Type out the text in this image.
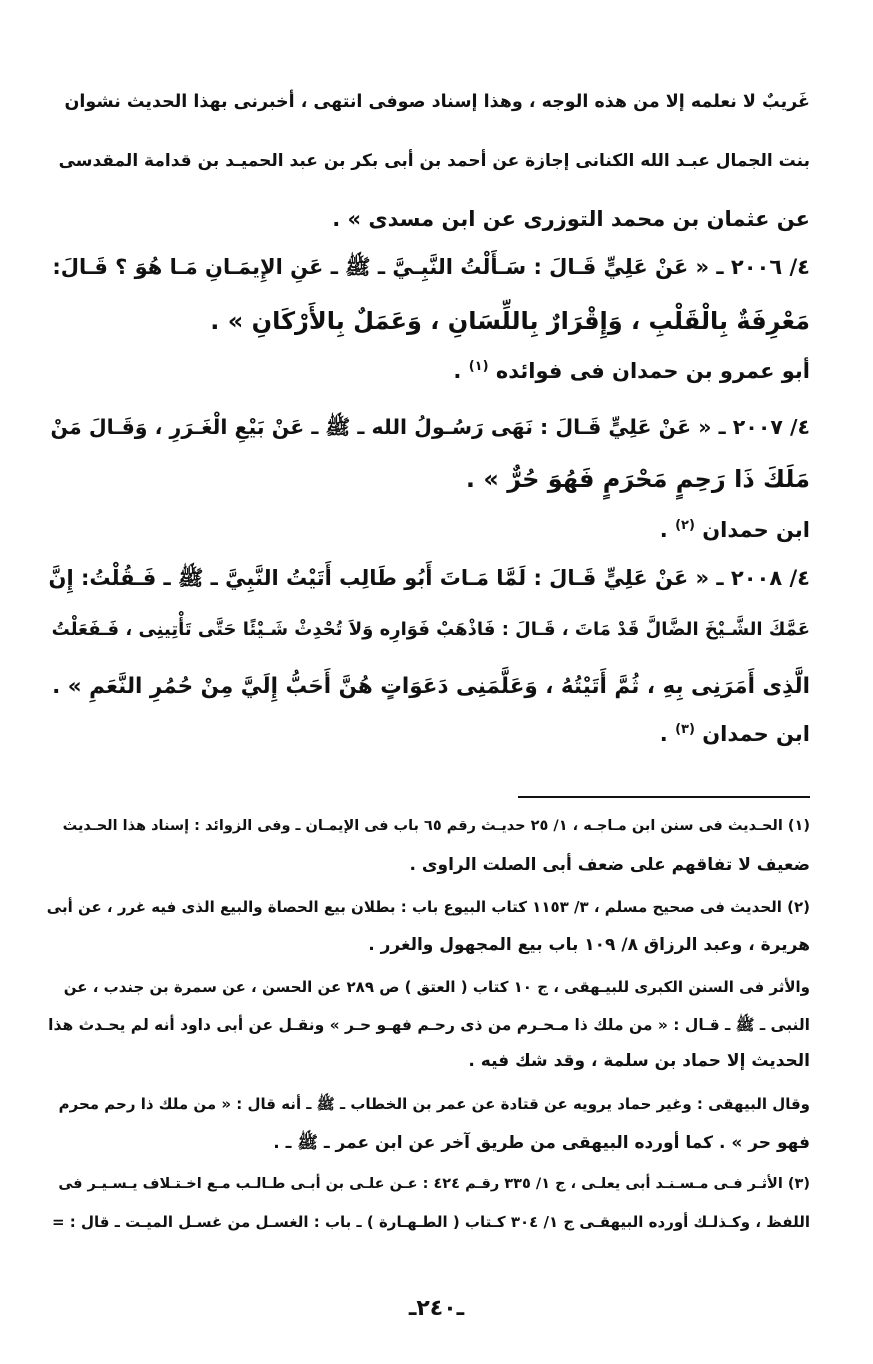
غَريبٌ لا نعلمه إلا من هذه الوجه ، وهذا إسناد صوفى انتهى ، أخبرنى بهذا الحديث نشوان
بنت الجمال عبـد الله الكنانى إجازة عن أحمد بن أبى بكر بن عبد الحميـد بن قدامة المقدسى
عن عثمان بن محمد التوزرى عن ابن مسدى » .
٤/ ٢٠٠٦ ـ « عَنْ عَلِيٍّ قَـالَ : سَـأَلْتُ النَّبِـيَّ ـ ﷺ ـ عَنِ الإِيمَـانِ مَـا هُوَ ؟ قَـالَ:
مَعْرِفَةٌ بِالْقَلْبِ ، وَإِقْرَارٌ بِاللِّسَانِ ، وَعَمَلٌ بِالأَرْكَانِ » .
أبو عمرو بن حمدان فى فوائده $^{(١)}$ .
٤/ ٢٠٠٧ ـ « عَنْ عَلِيٍّ قَـالَ : نَهَى رَسُـولُ الله ـ ﷺ ـ عَنْ بَيْعِ الْغَـرَرِ ، وَقَـالَ مَنْ
مَلَكَ ذَا رَحِمٍ مَحْرَمٍ فَهُوَ حُرٌّ » .
ابن حمدان $^{(٢)}$ .
٤/ ٢٠٠٨ ـ « عَنْ عَلِيٍّ قَـالَ : لَمَّا مَـاتَ أَبُو طَالِب أَتَيْتُ النَّبِيَّ ـ ﷺ ـ فَـقُلْتُ: إِنَّ
عَمَّكَ الشَّـيْخَ الضَّالَّ قَدْ مَاتَ ، قَـالَ : فَاذْهَبْ فَوَارِه وَلاَ تُحْدِثْ شَـيْئًا حَتَّى تَأْتِينِى ، فَـفَعَلْتُ
الَّذِى أَمَرَنِى بِهِ ، ثُمَّ أَتَيْتُهُ ، وَعَلَّمَنِى دَعَوَاتٍ هُنَّ أَحَبُّ إِلَيَّ مِنْ حُمُرِ النَّعَمِ » .
ابن حمدان $^{(٣)}$ .
(١) الحـديث فى سنن ابن مـاجـه ، ١/ ٢٥ حديـث رقم ٦٥ باب فى الإيمـان ـ وفى الزوائد : إسناد هذا الحـديث
ضعيف لا تفاقهم على ضعف أبى الصلت الراوى .
(٢) الحديث فى صحيح مسلم ، ٣/ ١١٥٣ كتاب البيوع باب : بطلان بيع الحصاة والبيع الذى فيه غرر ، عن أبى
هريرة ، وعبد الرزاق ٨/ ١٠٩ باب بيع المجهول والغرر .
والأثر فى السنن الكبرى للبيـهقى ، ج ١٠ كتاب ( العتق ) ص ٢٨٩ عن الحسن ، عن سمرة بن جندب ، عن
النبى ـ ﷺ ـ قـال : « من ملك ذا مـحـرم من ذى رحـم فهـو حـر » ونقـل عن أبى داود أنه لم يحـدث هذا
الحديث إلا حماد بن سلمة ، وقد شك فيه .
وقال البيهقى : وغير حماد يرويه عن قتادة عن عمر بن الخطاب ـ ﷺ ـ أنه قال : « من ملك ذا رحم محرم
فهو حر » . كما أورده البيهقى من طريق آخر عن ابن عمر ـ ﷺ ـ .
(٣) الأثـر فـى مـسـنـد أبى يعلـى ، ج ١/ ٣٣٥ رقـم ٤٢٤ : عـن علـى بن أبـى طـالـب مـع اخـتـلاف يـسـيـر فى
اللفظ ، وكـذلـك أورده البيهقـى ج ١/ ٣٠٤ كـتاب ( الطـهـارة ) ـ باب : الغسـل من غسـل الميـت ـ قال : =
ـ٢٤٠ـ
